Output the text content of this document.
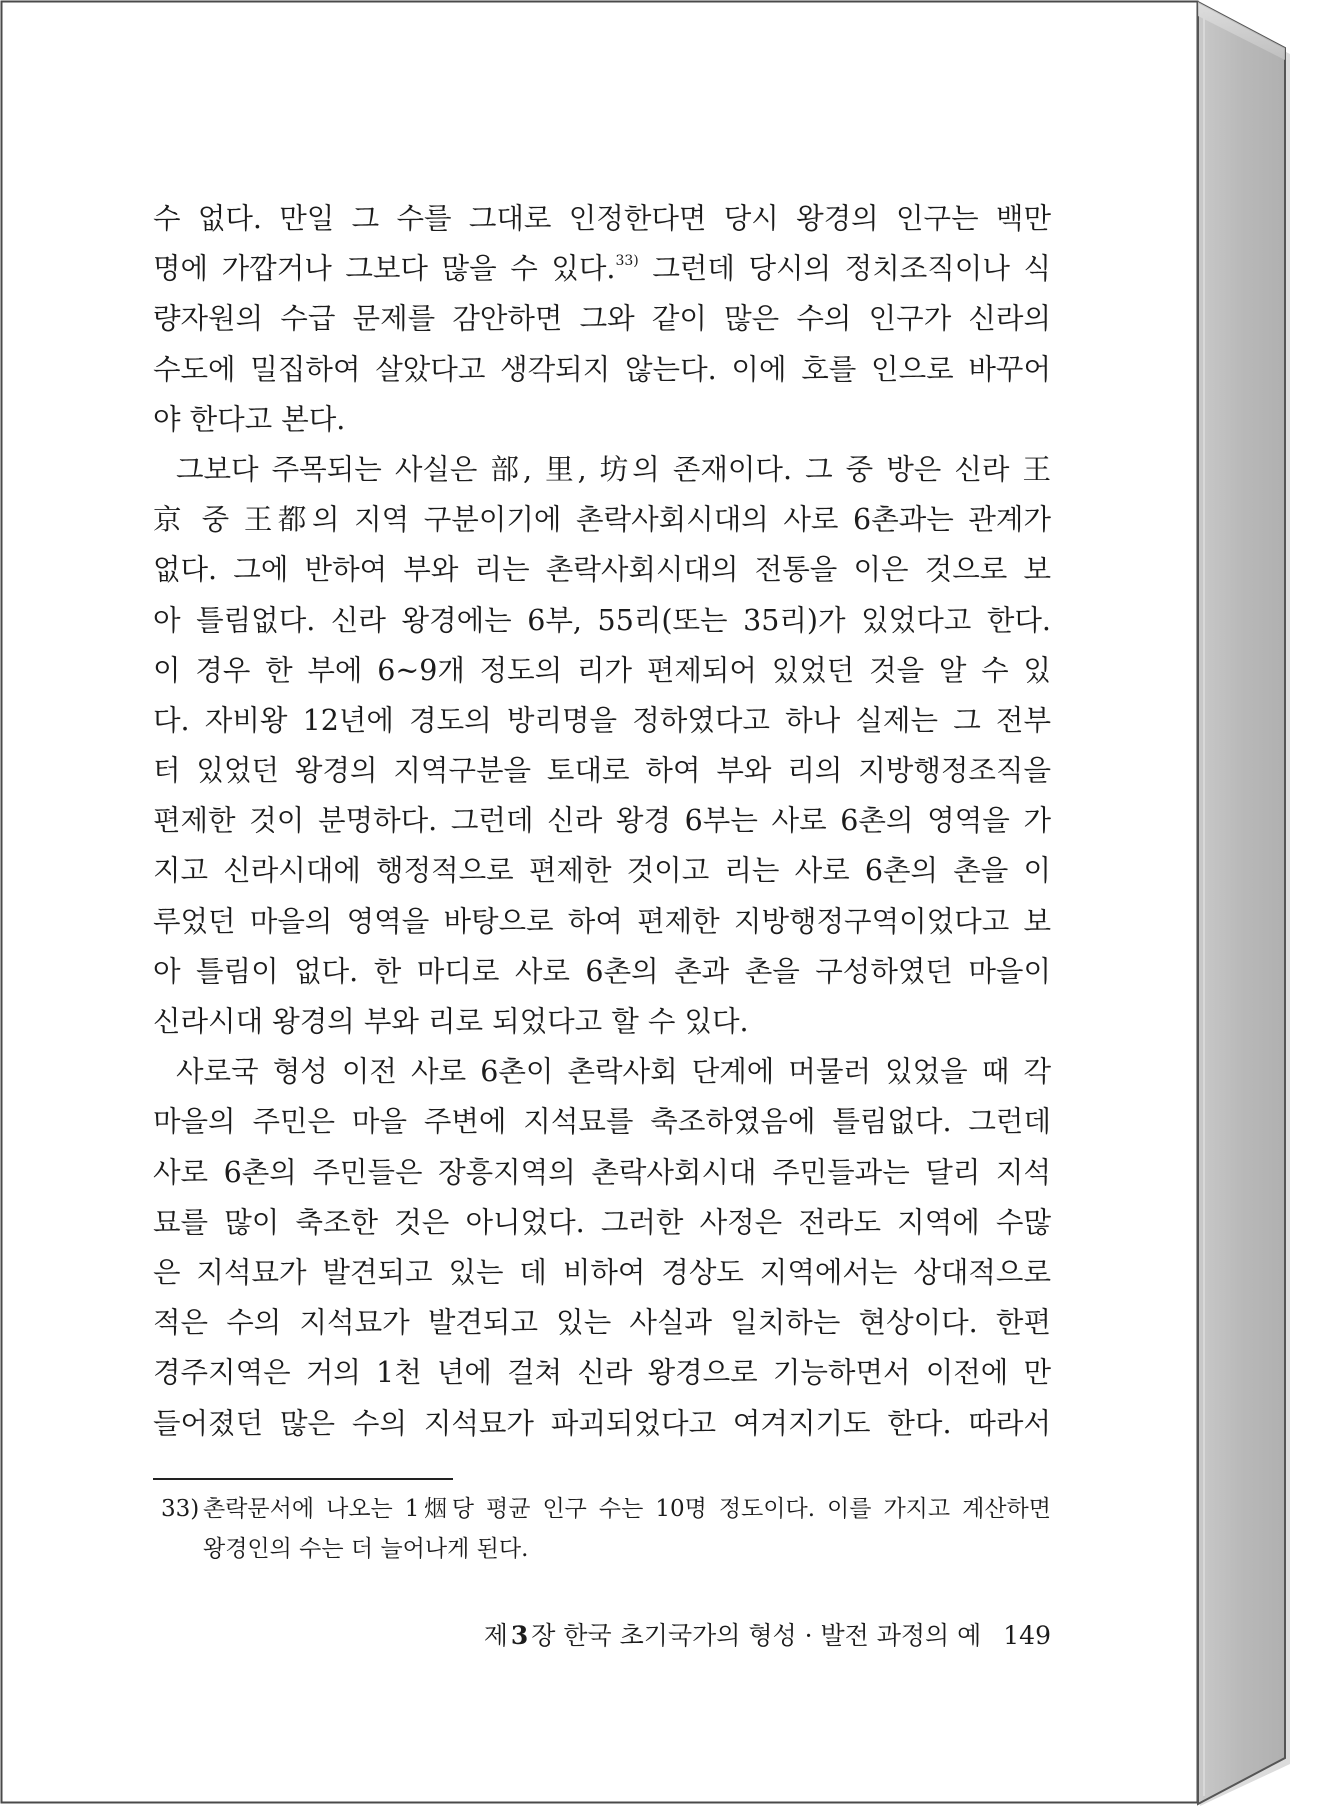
수 없다. 만일 그 수를 그대로 인정한다면 당시 왕경의 인구는 백만
명에 가깝거나 그보다 많을 수 있다.$^{33)}$ 그런데 당시의 정치조직이나 식
량자원의 수급 문제를 감안하면 그와 같이 많은 수의 인구가 신라의
수도에 밀집하여 살았다고 생각되지 않는다. 이에 호를 인으로 바꾸어
야 한다고 본다.
그보다 주목되는 사실은 部, 里, 坊의 존재이다. 그 중 방은 신라 王
京 중 王都의 지역 구분이기에 촌락사회시대의 사로 6촌과는 관계가
없다. 그에 반하여 부와 리는 촌락사회시대의 전통을 이은 것으로 보
아 틀림없다. 신라 왕경에는 6부, 55리(또는 35리)가 있었다고 한다.
이 경우 한 부에 6~9개 정도의 리가 편제되어 있었던 것을 알 수 있
다. 자비왕 12년에 경도의 방리명을 정하였다고 하나 실제는 그 전부
터 있었던 왕경의 지역구분을 토대로 하여 부와 리의 지방행정조직을
편제한 것이 분명하다. 그런데 신라 왕경 6부는 사로 6촌의 영역을 가
지고 신라시대에 행정적으로 편제한 것이고 리는 사로 6촌의 촌을 이
루었던 마을의 영역을 바탕으로 하여 편제한 지방행정구역이었다고 보
아 틀림이 없다. 한 마디로 사로 6촌의 촌과 촌을 구성하였던 마을이
신라시대 왕경의 부와 리로 되었다고 할 수 있다.
사로국 형성 이전 사로 6촌이 촌락사회 단계에 머물러 있었을 때 각
마을의 주민은 마을 주변에 지석묘를 축조하였음에 틀림없다. 그런데
사로 6촌의 주민들은 장흥지역의 촌락사회시대 주민들과는 달리 지석
묘를 많이 축조한 것은 아니었다. 그러한 사정은 전라도 지역에 수많
은 지석묘가 발견되고 있는 데 비하여 경상도 지역에서는 상대적으로
적은 수의 지석묘가 발견되고 있는 사실과 일치하는 현상이다. 한편
경주지역은 거의 1천 년에 걸쳐 신라 왕경으로 기능하면서 이전에 만
들어졌던 많은 수의 지석묘가 파괴되었다고 여겨지기도 한다. 따라서
33) 촌락문서에 나오는 1烟당 평균 인구 수는 10명 정도이다. 이를 가지고 계산하면
왕경인의 수는 더 늘어나게 된다.
제 3 장 한국 초기국가의 형성 · 발전 과정의 예 149
